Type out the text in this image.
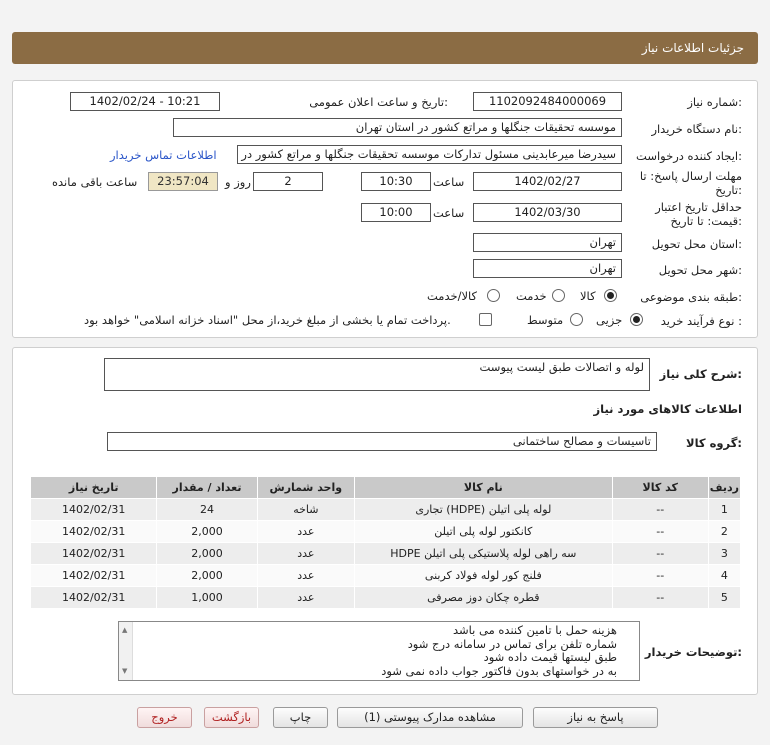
جزئیات اطلاعات نیاز
شماره نیاز:
1102092484000069
تاریخ و ساعت اعلان عمومی:
1402/02/24 - 10:21
نام دستگاه خریدار:
موسسه تحقیقات جنگلها و مراتع کشور در استان تهران
ایجاد کننده درخواست:
سیدرضا میرعابدینی مسئول تدارکات موسسه تحقیقات جنگلها و مراتع کشور در
اطلاعات تماس خریدار
مهلت ارسال پاسخ: تا
تاریخ:
1402/02/27
ساعت
10:30
2
روز و
23:57:04
ساعت باقی مانده
حداقل تاریخ اعتبار
قیمت: تا تاریخ:
1402/03/30
ساعت
10:00
استان محل تحویل:
تهران
شهر محل تحویل:
تهران
طبقه بندی موضوعی:
کالا
خدمت
کالا/خدمت
نوع فرآیند خرید :
جزیی
متوسط
پرداخت تمام یا بخشی از مبلغ خرید،از محل "اسناد خزانه اسلامی" خواهد بود.
شرح کلی نیاز:
لوله و اتصالات طبق لیست پیوست
اطلاعات کالاهای مورد نیاز
گروه کالا:
تاسیسات و مصالح ساختمانی
ردیف	کد کالا	نام کالا	واحد شمارش	تعداد / مقدار	تاریخ نیاز
1	--	لوله پلی اتیلن (HDPE) تجاری	شاخه	24	1402/02/31
2	--	کانکتور لوله پلی اتیلن	عدد	2,000	1402/02/31
3	--	سه راهی لوله پلاستیکی پلی اتیلن HDPE	عدد	2,000	1402/02/31
4	--	فلنج کور لوله فولاد کربنی	عدد	2,000	1402/02/31
5	--	قطره چکان دوز مصرفی	عدد	1,000	1402/02/31
توضیحات خریدار:
▲
▼
هزینه حمل با تامین کننده می باشد
شماره تلفن برای تماس در سامانه درج شود
طبق لیستها قیمت داده شود
به در خواستهای بدون فاکتور جواب داده نمی شود
پاسخ به نیاز
مشاهده مدارک پیوستی (1)
چاپ
بازگشت
خروج
